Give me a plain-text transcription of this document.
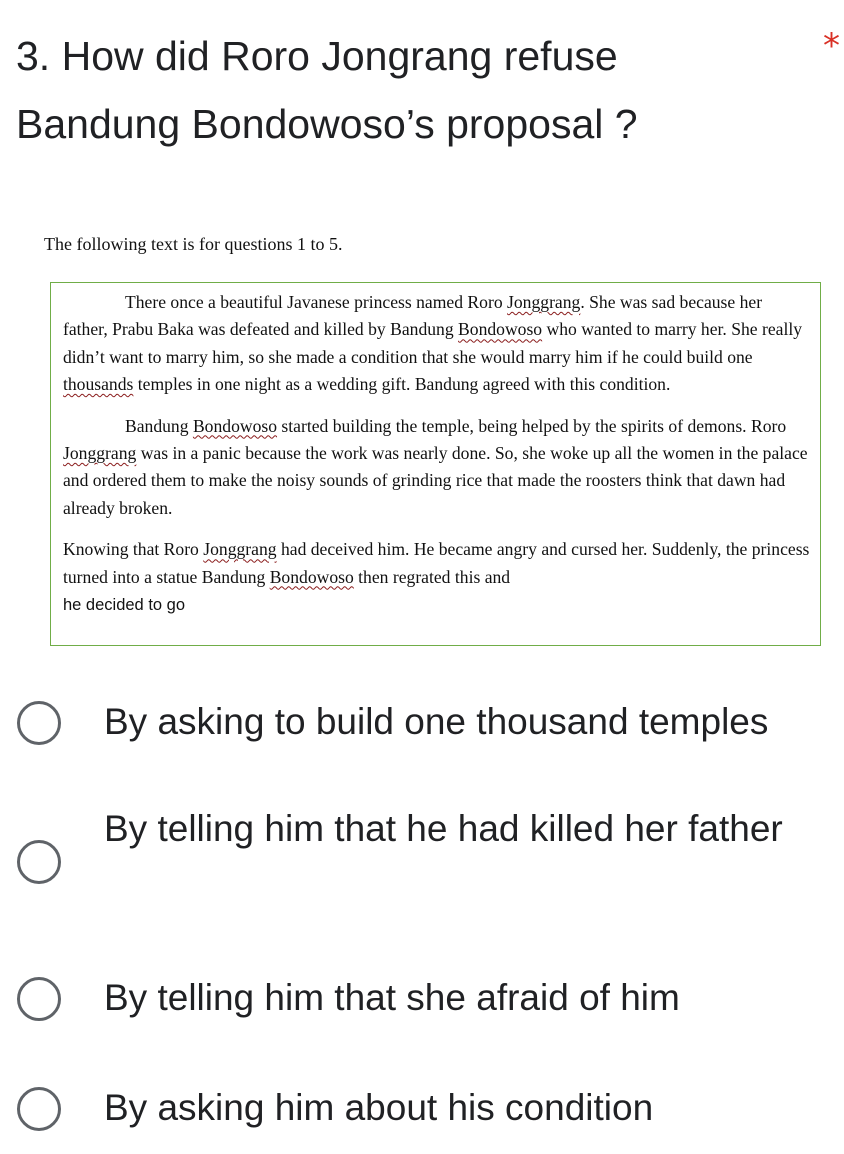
3. How did Roro Jongrang refuse Bandung Bondowoso’s proposal ?
*
The following text is for questions 1 to 5.

There once a beautiful Javanese princess named Roro Jonggrang. She was sad because her father, Prabu Baka was defeated and killed by Bandung Bondowoso who wanted to marry her. She really didn’t want to marry him, so she made a condition that she would marry him if he could build one thousands temples in one night as a wedding gift. Bandung agreed with this condition.

Bandung Bondowoso started building the temple, being helped by the spirits of demons. Roro Jonggrang was in a panic because the work was nearly done. So, she woke up all the women in the palace and ordered them to make the noisy sounds of grinding rice that made the roosters think that dawn had already broken.

Knowing that Roro Jonggrang had deceived him. He became angry and cursed her. Suddenly, the princess turned into a statue Bandung Bondowoso then regrated this and
he decided to go

By asking to build one thousand temples
By telling him that he had killed her father
By telling him that she afraid of him
By asking him about his condition
